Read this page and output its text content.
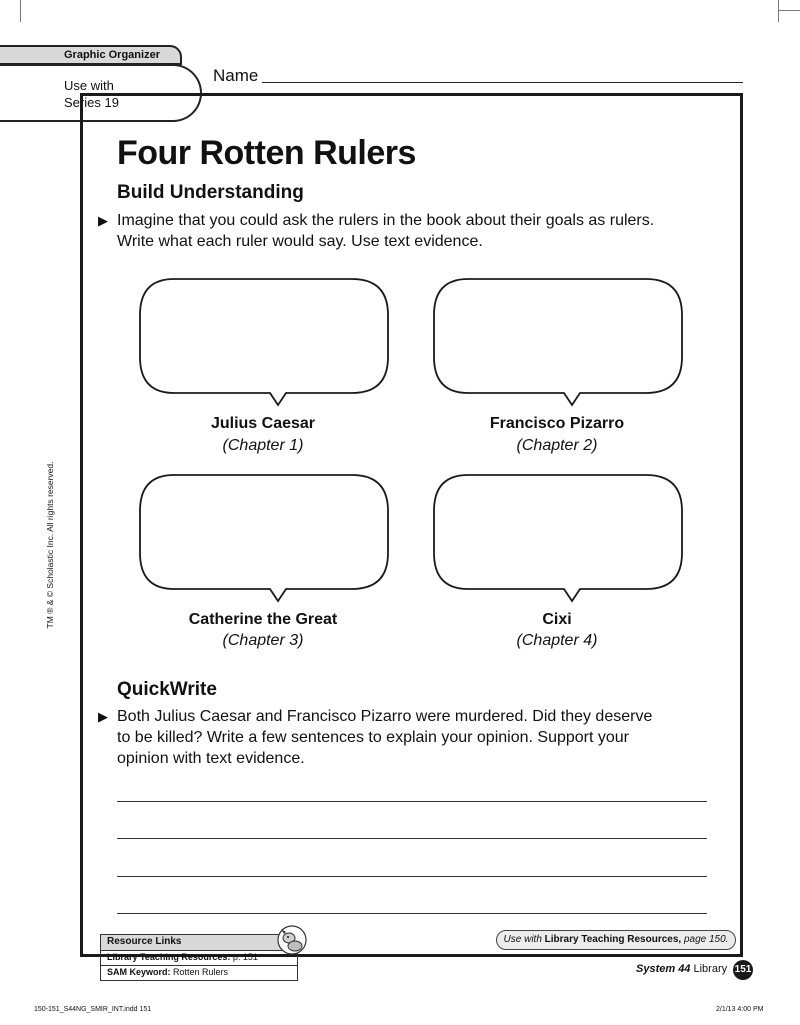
Graphic Organizer
Use with
Series 19
Name
Four Rotten Rulers
Build Understanding
▶ Imagine that you could ask the rulers in the book about their goals as rulers.
Write what each ruler would say. Use text evidence.
Julius Caesar
(Chapter 1)
Francisco Pizarro
(Chapter 2)
Catherine the Great
(Chapter 3)
Cixi
(Chapter 4)
QuickWrite
▶ Both Julius Caesar and Francisco Pizarro were murdered. Did they deserve
to be killed? Write a few sentences to explain your opinion. Support your
opinion with text evidence.
TM ® & © Scholastic Inc. All rights reserved.
Resource Links
Library Teaching Resources: p. 151
SAM Keyword: Rotten Rulers
Use with Library Teaching Resources, page 150.
System 44 Library 151
150-151_S44NG_SMIR_INT.indd 151	2/1/13 4:00 PM
